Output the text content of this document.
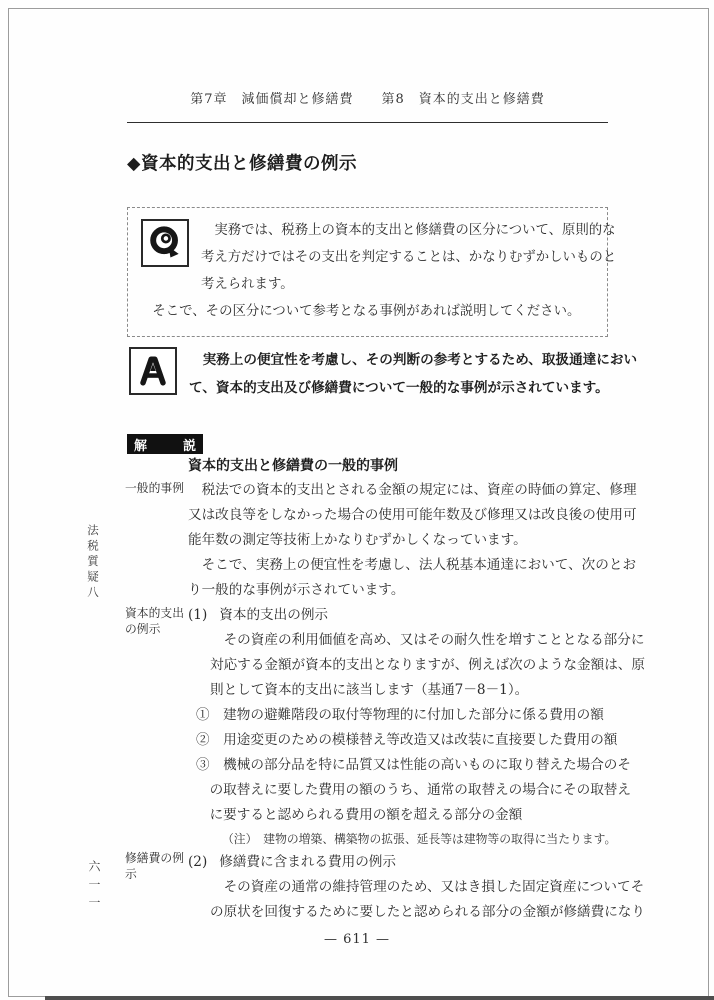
第7章　減価償却と修繕費　　第8　資本的支出と修繕費
◆資本的支出と修繕費の例示
　実務では、税務上の資本的支出と修繕費の区分について、原則的な
考え方だけではその支出を判定することは、かなりむずかしいものと
考えられます。
　そこで、その区分について参考となる事例があれば説明してください。
　実務上の便宜性を考慮し、その判断の参考とするため、取扱通達におい
て、資本的支出及び修繕費について一般的な事例が示されています。
解	説
資本的支出と修繕費の一般的事例
一般的事例
資本的支出
の例示
修繕費の例
示
　税法での資本的支出とされる金額の規定には、資産の時価の算定、修理
又は改良等をしなかった場合の使用可能年数及び修理又は改良後の使用可
能年数の測定等技術上かなりむずかしくなっています。
　そこで、実務上の便宜性を考慮し、法人税基本通達において、次のとお
り一般的な事例が示されています。
(1) 資本的支出の例示
　その資産の利用価値を高め、又はその耐久性を増すこととなる部分に
対応する金額が資本的支出となりますが、例えば次のような金額は、原
則として資本的支出に該当します（基通7－8－1）。
①　建物の避難階段の取付等物理的に付加した部分に係る費用の額
②　用途変更のための模様替え等改造又は改装に直接要した費用の額
③　機械の部分品を特に品質又は性能の高いものに取り替えた場合のそ
　の取替えに要した費用の額のうち、通常の取替えの場合にその取替え
　に要すると認められる費用の額を超える部分の金額
（注）　建物の増築、構築物の拡張、延長等は建物等の取得に当たります。
(2) 修繕費に含まれる費用の例示
　その資産の通常の維持管理のため、又はき損した固定資産についてそ
の原状を回復するために要したと認められる部分の金額が修繕費になり
法税質疑八
六一一
— 611 —
